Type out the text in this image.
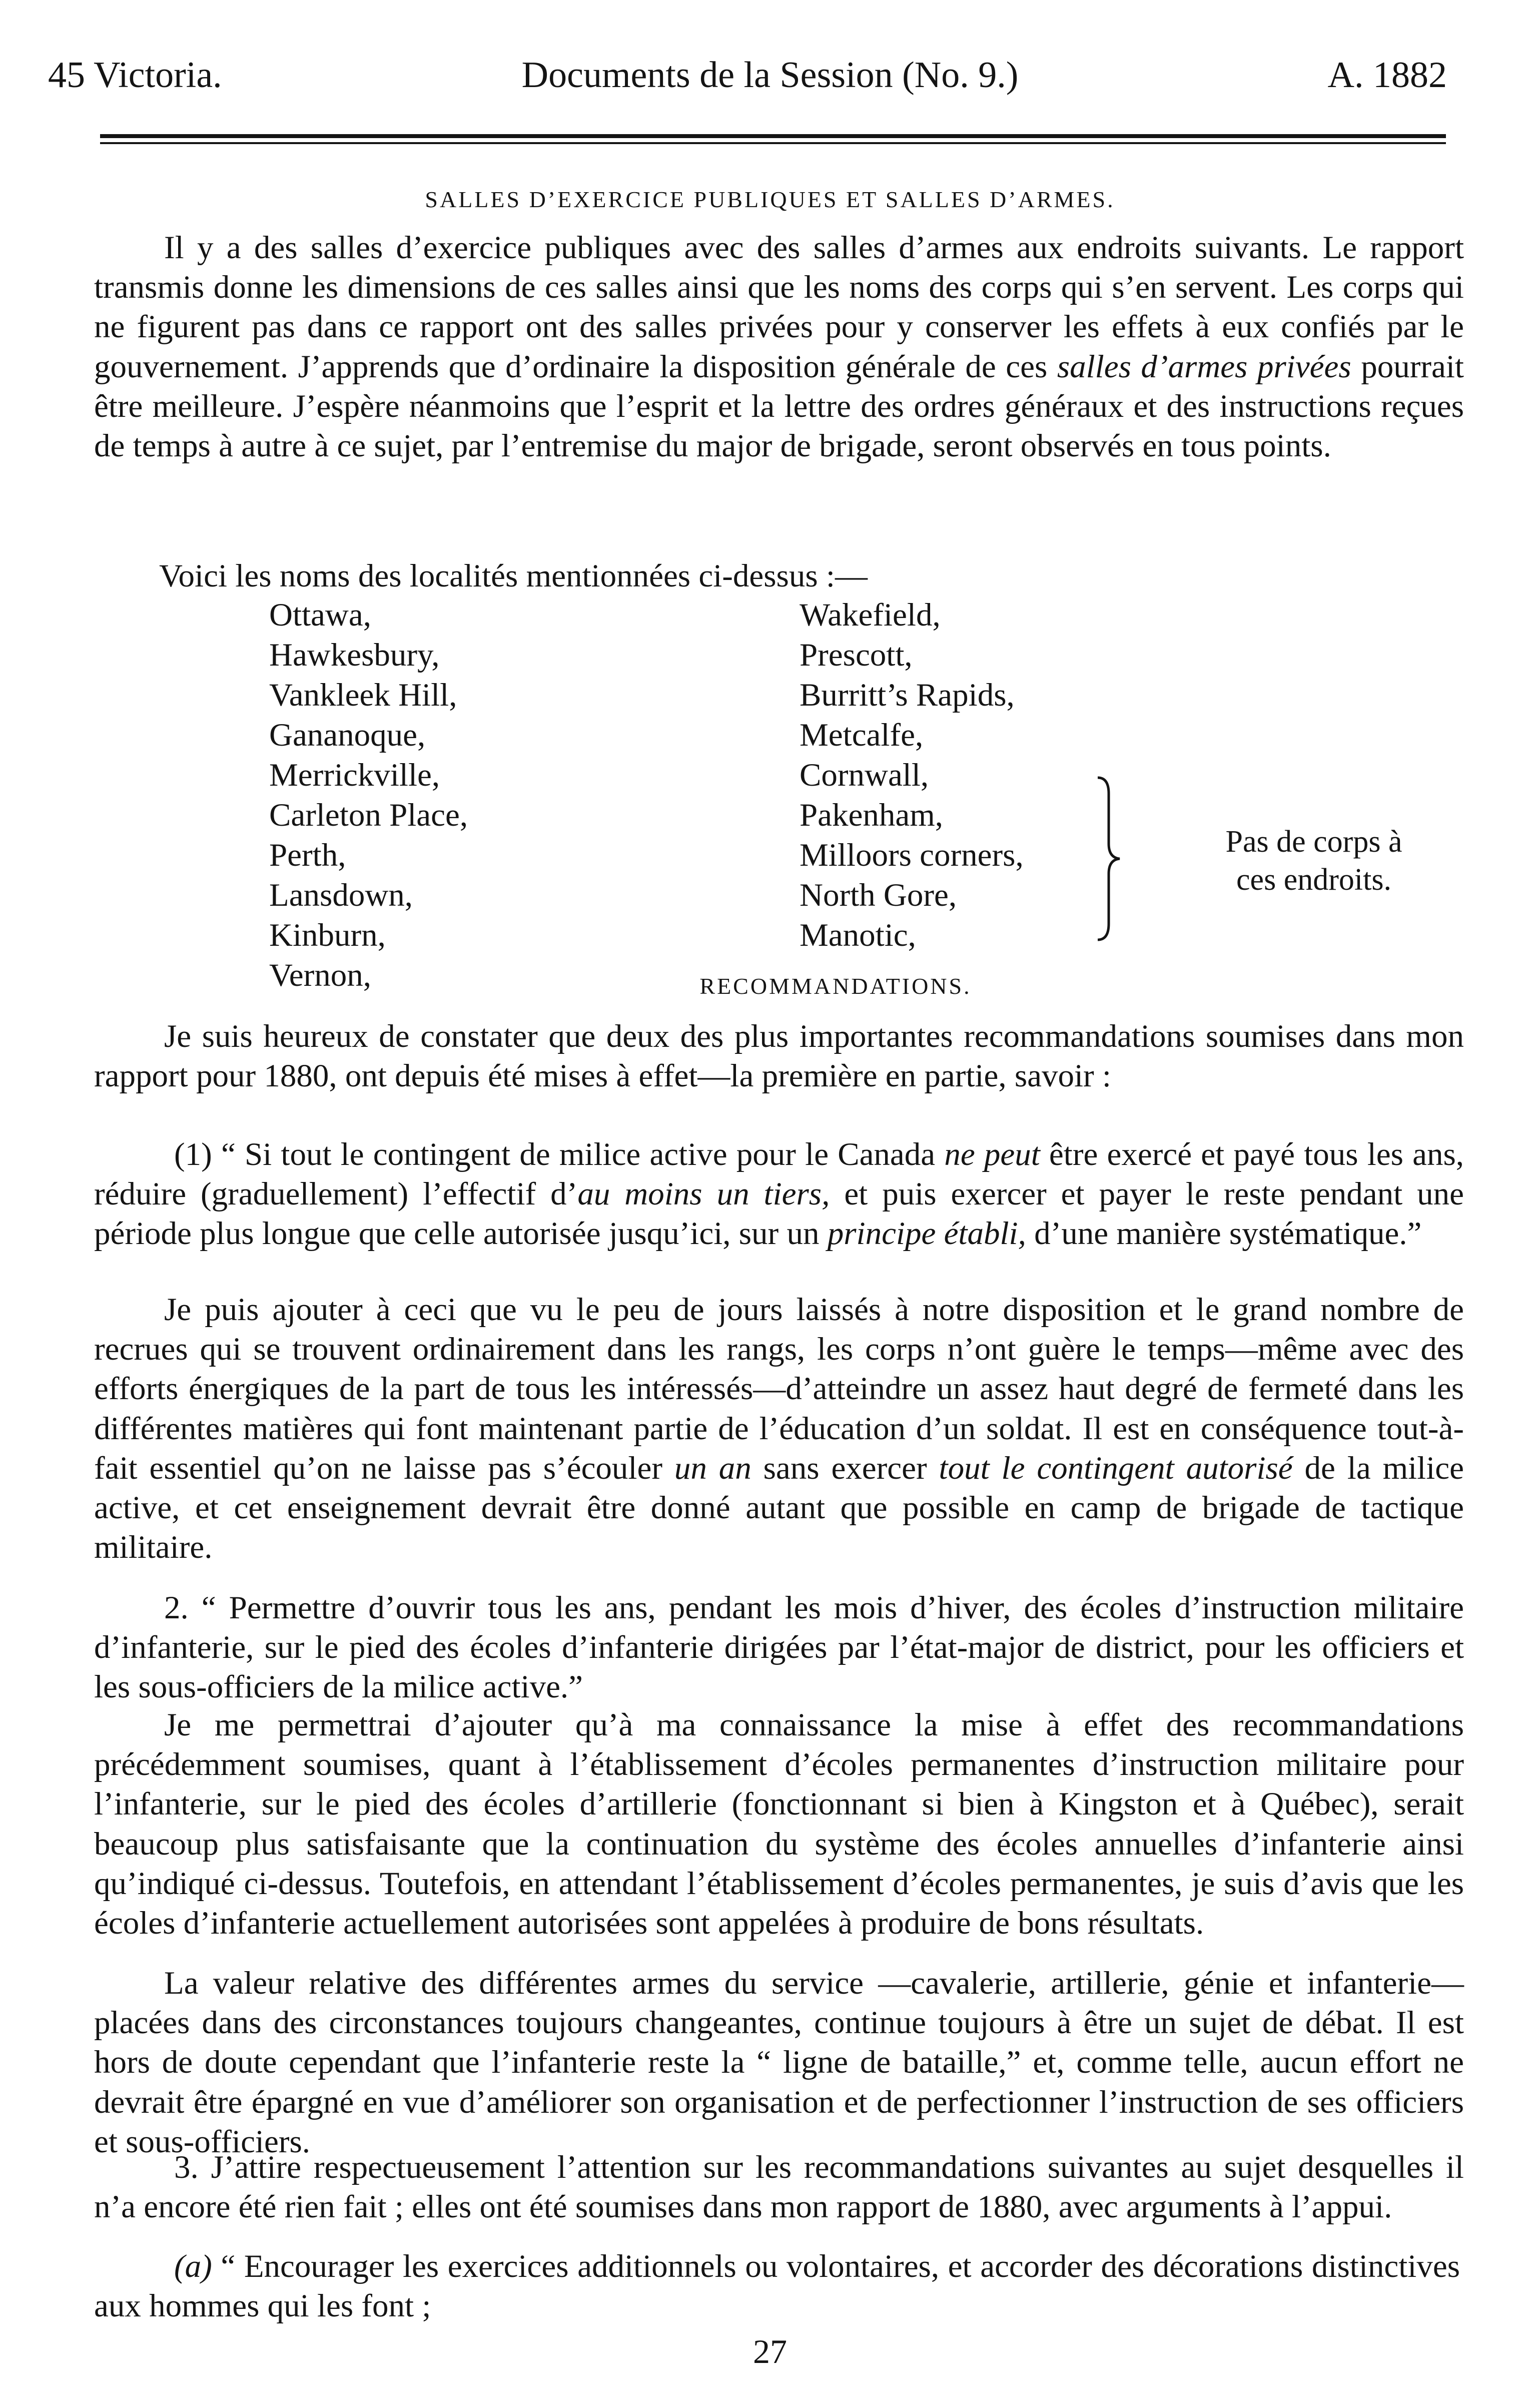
45 Victoria.	Documents de la Session (No. 9.)	A. 1882
SALLES D’EXERCICE PUBLIQUES ET SALLES D’ARMES.

Il y a des salles d’exercice publiques avec des salles d’armes aux endroits suivants. Le rapport transmis donne les dimensions de ces salles ainsi que les noms des corps qui s’en servent. Les corps qui ne figurent pas dans ce rapport ont des salles privées pour y conserver les effets à eux confiés par le gouvernement. J’apprends que d’ordinaire la disposition générale de ces salles d’armes privées pourrait être meilleure. J’espère néanmoins que l’esprit et la lettre des ordres généraux et des instructions reçues de temps à autre à ce sujet, par l’entremise du major de brigade, seront observés en tous points.

Voici les noms des localités mentionnées ci-dessus :—
Ottawa,
Hawkesbury,
Vankleek Hill,
Gananoque,
Merrickville,
Carleton Place,
Perth,
Lansdown,
Kinburn,
Vernon,
Wakefield,
Prescott,
Burritt’s Rapids,
Metcalfe,
Cornwall,
Pakenham,
Milloors corners,
North Gore,
Manotic,
Pas de corps à
ces endroits.
RECOMMANDATIONS.

Je suis heureux de constater que deux des plus importantes recommandations soumises dans mon rapport pour 1880, ont depuis été mises à effet—la première en partie, savoir :

(1) “ Si tout le contingent de milice active pour le Canada ne peut être exercé et payé tous les ans, réduire (graduellement) l’effectif d’au moins un tiers, et puis exercer et payer le reste pendant une période plus longue que celle autorisée jusqu’ici, sur un principe établi, d’une manière systématique.”

Je puis ajouter à ceci que vu le peu de jours laissés à notre disposition et le grand nombre de recrues qui se trouvent ordinairement dans les rangs, les corps n’ont guère le temps—même avec des efforts énergiques de la part de tous les intéressés—d’atteindre un assez haut degré de fermeté dans les différentes matières qui font maintenant partie de l’éducation d’un soldat. Il est en conséquence tout-à-fait essentiel qu’on ne laisse pas s’écouler un an sans exercer tout le contingent autorisé de la milice active, et cet enseignement devrait être donné autant que possible en camp de brigade de tactique militaire.

2. “ Permettre d’ouvrir tous les ans, pendant les mois d’hiver, des écoles d’instruction militaire d’infanterie, sur le pied des écoles d’infanterie dirigées par l’état-major de district, pour les officiers et les sous-officiers de la milice active.”

Je me permettrai d’ajouter qu’à ma connaissance la mise à effet des recommandations précédemment soumises, quant à l’établissement d’écoles permanentes d’instruction militaire pour l’infanterie, sur le pied des écoles d’artillerie (fonctionnant si bien à Kingston et à Québec), serait beaucoup plus satisfaisante que la continuation du système des écoles annuelles d’infanterie ainsi qu’indiqué ci-dessus. Toutefois, en attendant l’établissement d’écoles permanentes, je suis d’avis que les écoles d’infanterie actuellement autorisées sont appelées à produire de bons résultats.

La valeur relative des différentes armes du service —cavalerie, artillerie, génie et infanterie—placées dans des circonstances toujours changeantes, continue toujours à être un sujet de débat. Il est hors de doute cependant que l’infanterie reste la “ ligne de bataille,” et, comme telle, aucun effort ne devrait être épargné en vue d’améliorer son organisation et de perfectionner l’instruction de ses officiers et sous-officiers.

3. J’attire respectueusement l’attention sur les recommandations suivantes au sujet desquelles il n’a encore été rien fait ; elles ont été soumises dans mon rapport de 1880, avec arguments à l’appui.

(a) “ Encourager les exercices additionnels ou volontaires, et accorder des décorations distinctives aux hommes qui les font ;

27
